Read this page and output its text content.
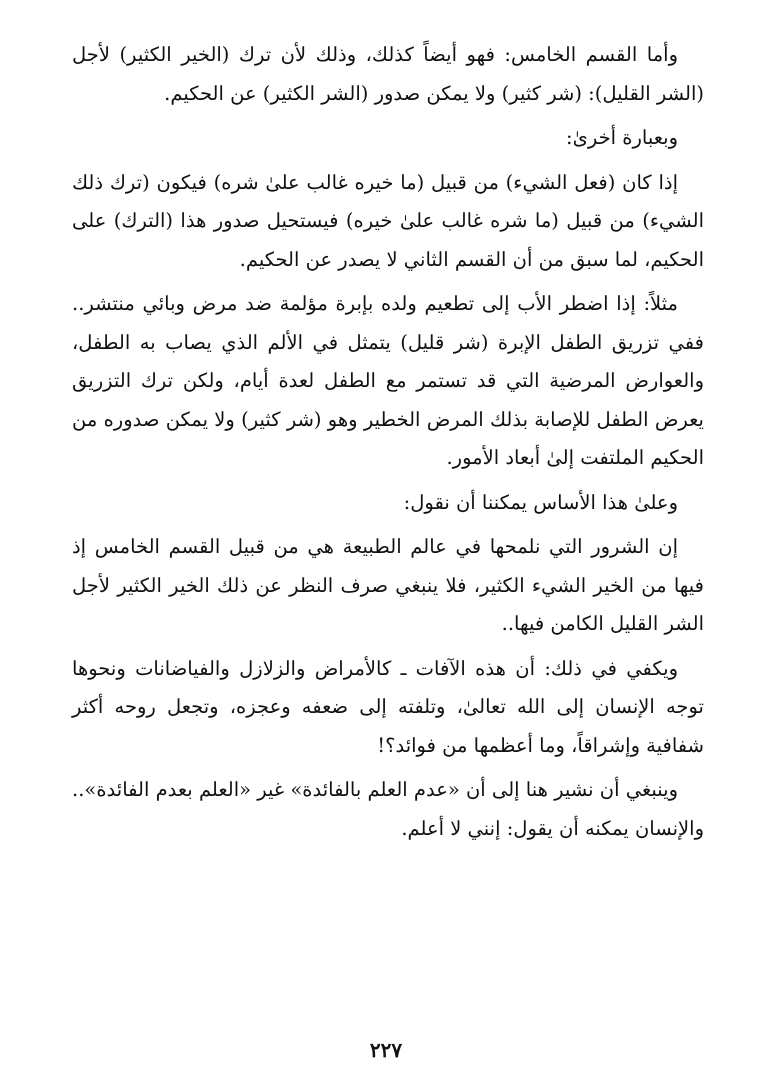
وأما القسم الخامس: فهو أيضاً كذلك، وذلك لأن ترك (الخير الكثير) لأجل (الشر القليل): (شر كثير) ولا يمكن صدور (الشر الكثير) عن الحكيم.

وبعبارة أخرىٰ:

إذا كان (فعل الشيء) من قبيل (ما خيره غالب علىٰ شره) فيكون (ترك ذلك الشيء) من قبيل (ما شره غالب علىٰ خيره) فيستحيل صدور هذا (الترك) على الحكيم، لما سبق من أن القسم الثاني لا يصدر عن الحكيم.

مثلاً: إذا اضطر الأب إلى تطعيم ولده بإبرة مؤلمة ضد مرض وبائي منتشر.. ففي تزريق الطفل الإبرة (شر قليل) يتمثل في الألم الذي يصاب به الطفل، والعوارض المرضية التي قد تستمر مع الطفل لعدة أيام، ولكن ترك التزريق يعرض الطفل للإصابة بذلك المرض الخطير وهو (شر كثير) ولا يمكن صدوره من الحكيم الملتفت إلىٰ أبعاد الأمور.

وعلىٰ هذا الأساس يمكننا أن نقول:

إن الشرور التي نلمحها في عالم الطبيعة هي من قبيل القسم الخامس إذ فيها من الخير الشيء الكثير، فلا ينبغي صرف النظر عن ذلك الخير الكثير لأجل الشر القليل الكامن فيها..

ويكفي في ذلك: أن هذه الآفات ـ كالأمراض والزلازل والفياضانات ونحوها توجه الإنسان إلى الله تعالىٰ، وتلفته إلى ضعفه وعجزه، وتجعل روحه أكثر شفافية وإشراقاً، وما أعظمها من فوائد؟!

وينبغي أن نشير هنا إلى أن «عدم العلم بالفائدة» غير «العلم بعدم الفائدة».. والإنسان يمكنه أن يقول: إنني لا أعلم.

٢٢٧
